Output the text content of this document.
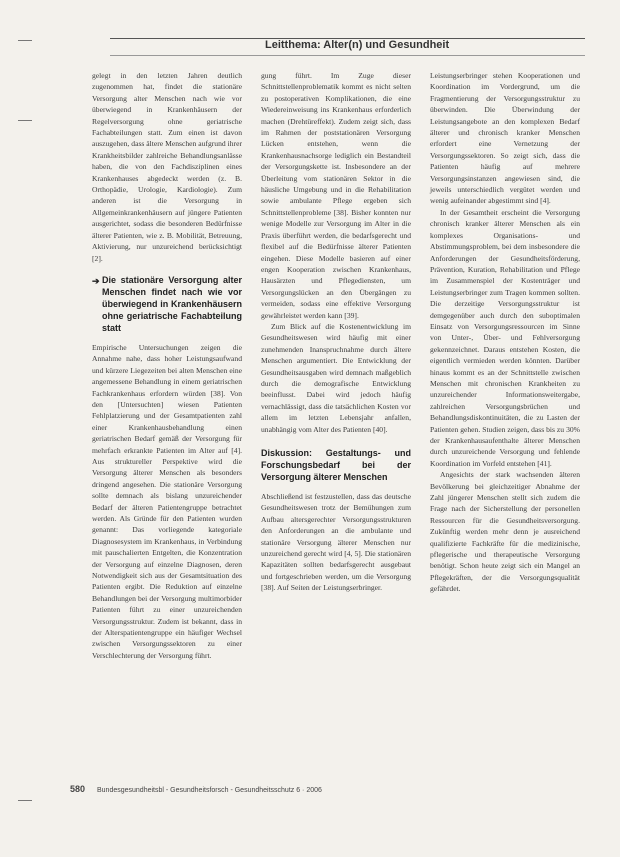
Leitthema: Alter(n) und Gesundheit

gelegt in den letzten Jahren deutlich zugenommen hat, findet die stationäre Versorgung alter Menschen nach wie vor überwiegend in Krankenhäusern der Regelversorgung ohne geriatrische Fachabteilungen statt. Zum einen ist davon auszugehen, dass ältere Menschen aufgrund ihrer Krankheitsbilder zahlreiche Behandlungsanlässe haben, die von den Fachdisziplinen eines Krankenhauses abgedeckt werden (z. B. Orthopädie, Urologie, Kardiologie). Zum anderen ist die Versorgung in Allgemeinkrankenhäusern auf jüngere Patienten ausgerichtet, sodass die besonderen Bedürfnisse älterer Patienten, wie z. B. Mobilität, Betreuung, Aktivierung, nur unzureichend berücksichtigt [2].

➔ Die stationäre Versorgung alter Menschen findet nach wie vor überwiegend in Krankenhäusern ohne geriatrische Fachabteilung statt

Empirische Untersuchungen zeigen die Annahme nahe, dass hoher Leistungsaufwand und kürzere Liegezeiten bei alten Menschen eine angemessene Behandlung in einem geriatrischen Fachkrankenhaus erfordern würden [38]. Von den [Untersuchten] wiesen Patienten Fehlplatzierung und der Gesamtpatienten zahl einer Krankenhausbehandlung einen geriatrischen Bedarf gemäß der Versorgung für mehrfach erkrankte Patienten im Alter auf [4]. Aus struktureller Perspektive wird die Versorgung älterer Menschen als besonders dringend angesehen. Die stationäre Versorgung sollte demnach als bislang unzureichender Bedarf der älteren Patientengruppe betrachtet werden. Als Gründe für den Patienten wurden genannt: Das vorliegende kategoriale Diagnosesystem im Krankenhaus, in Verbindung mit pauschalierten Entgelten, die Konzentration der Versorgung auf einzelne Diagnosen, deren Notwendigkeit sich aus der Gesamtsituation des Patienten ergibt. Die Reduktion auf einzelne Behandlungen bei der Versorgung multimorbider Patienten führt zu einer unzureichenden Versorgungsstruktur. Zudem ist bekannt, dass in der Alterspatientengruppe ein häufiger Wechsel zwischen Versorgungssektoren zu einer Verschlechterung der Versorgung führt.

gung führt. Im Zuge dieser Schnittstellenproblematik kommt es nicht selten zu postoperativen Komplikationen, die eine Wiedereinweisung ins Krankenhaus erforderlich machen (Drehtüreffekt). Zudem zeigt sich, dass im Rahmen der poststationären Versorgung Lücken entstehen, wenn die Krankenhausnachsorge lediglich ein Bestandteil der Versorgungskette ist. Insbesondere an der Überleitung vom stationären Sektor in die häusliche Umgebung und in die Rehabilitation sowie ambulante Pflege ergeben sich Schnittstellenprobleme [38]. Bisher konnten nur wenige Modelle zur Versorgung im Alter in die Praxis überführt werden, die bedarfsgerecht und flexibel auf die Bedürfnisse älterer Patienten eingehen. Diese Modelle basieren auf einer engen Kooperation zwischen Krankenhaus, Hausärzten und Pflegediensten, um Versorgungslücken an den Übergängen zu vermeiden, sodass eine effektive Versorgung gewährleistet werden kann [39].

Zum Blick auf die Kostenentwicklung im Gesundheitswesen wird häufig mit einer zunehmenden Inanspruchnahme durch ältere Menschen argumentiert. Die Entwicklung der Gesundheitsausgaben wird demnach maßgeblich durch die demografische Entwicklung beeinflusst. Dabei wird jedoch häufig vernachlässigt, dass die tatsächlichen Kosten vor allem im letzten Lebensjahr anfallen, unabhängig vom Alter des Patienten [40].

Diskussion: Gestaltungs- und Forschungsbedarf bei der Versorgung älterer Menschen

Abschließend ist festzustellen, dass das deutsche Gesundheitswesen trotz der Bemühungen zum Aufbau altersgerechter Versorgungsstrukturen den Anforderungen an die ambulante und stationäre Versorgung älterer Menschen nur unzureichend gerecht wird [4, 5]. Die stationären Kapazitäten sollten bedarfsgerecht ausgebaut und fortgeschrieben werden, um die Versorgung [38]. Auf Seiten der Leistungserbringer.

Leistungserbringer stehen Kooperationen und Koordination im Vordergrund, um die Fragmentierung der Versorgungsstruktur zu überwinden. Die Überwindung der Leistungsangebote an den komplexen Bedarf älterer und chronisch kranker Menschen erfordert eine Vernetzung der Versorgungssektoren. So zeigt sich, dass die Patienten häufig auf mehrere Versorgungsinstanzen angewiesen sind, die jeweils unterschiedlich vergütet werden und wenig aufeinander abgestimmt sind [4].

In der Gesamtheit erscheint die Versorgung chronisch kranker älterer Menschen als ein komplexes Organisations- und Abstimmungsproblem, bei dem insbesondere die Anforderungen der Gesundheitsförderung, Prävention, Kuration, Rehabilitation und Pflege im Zusammenspiel der Kostenträger und Leistungserbringer zum Tragen kommen sollten. Die derzeitige Versorgungsstruktur ist demgegenüber auch durch den suboptimalen Einsatz von Versorgungsressourcen im Sinne von Unter-, Über- und Fehlversorgung gekennzeichnet. Daraus entstehen Kosten, die eigentlich vermieden werden könnten. Darüber hinaus kommt es an der Schnittstelle zwischen Menschen mit chronischen Krankheiten zu unzureichender Informationsweitergabe, zahlreichen Versorgungsbrüchen und Behandlungsdiskontinuitäten, die zu Lasten der Patienten gehen. Studien zeigen, dass bis zu 30% der Krankenhausaufenthalte älterer Menschen durch unzureichende Versorgung und fehlende Koordination im Vorfeld entstehen [41].

Angesichts der stark wachsenden älteren Bevölkerung bei gleichzeitiger Abnahme der Zahl jüngerer Menschen stellt sich zudem die Frage nach der Sicherstellung der personellen Ressourcen für die Gesundheitsversorgung. Zukünftig werden mehr denn je ausreichend qualifizierte Fachkräfte für die medizinische, pflegerische und therapeutische Versorgung benötigt. Schon heute zeigt sich ein Mangel an Pflegekräften, der die Versorgungsqualität gefährdet.

580 Bundesgesundheitsbl - Gesundheitsforsch - Gesundheitsschutz 6 · 2006
